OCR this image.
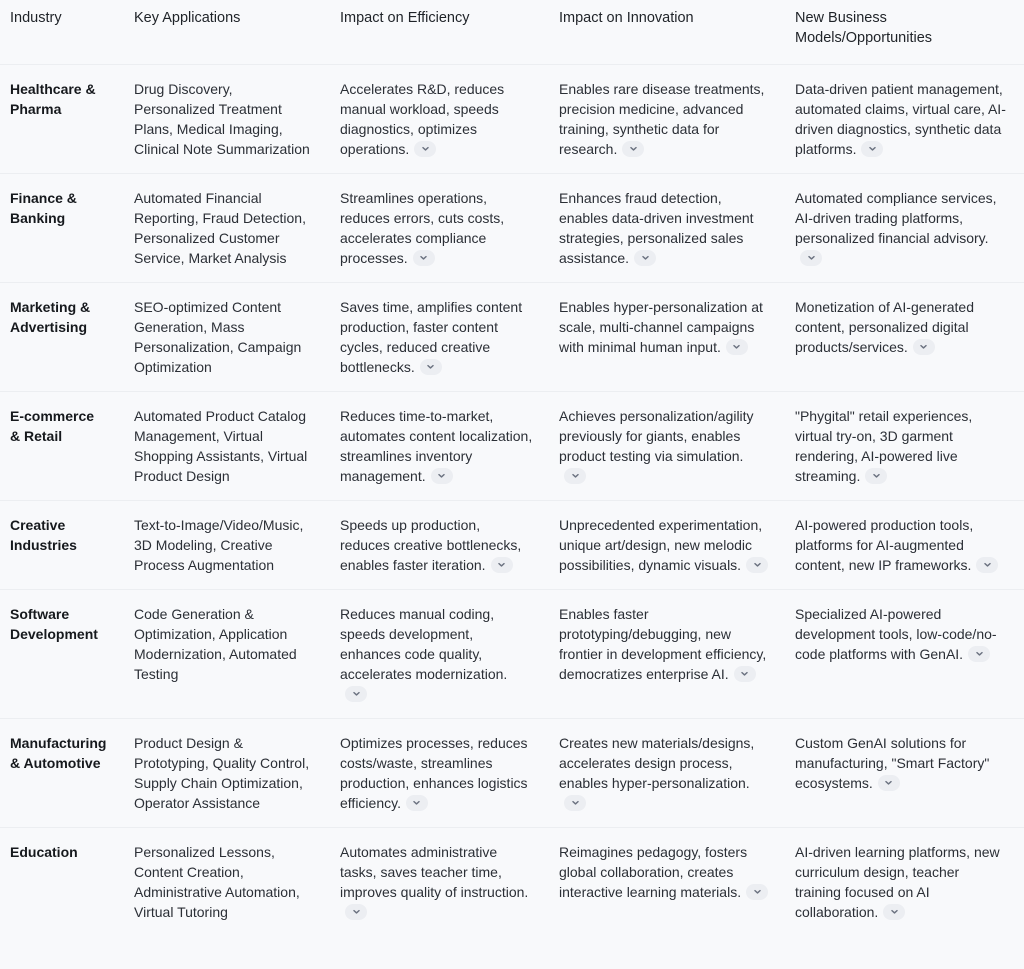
Industry	Key Applications	Impact on Efficiency	Impact on Innovation	New Business Models/Opportunities
Healthcare & Pharma	Drug Discovery, Personalized Treatment Plans, Medical Imaging, Clinical Note Summarization	Accelerates R&D, reduces manual workload, speeds diagnostics, optimizes operations.	Enables rare disease treatments, precision medicine, advanced training, synthetic data for research.	Data-driven patient management, automated claims, virtual care, AI-driven diagnostics, synthetic data platforms.

Finance & Banking	Automated Financial Reporting, Fraud Detection, Personalized Customer Service, Market Analysis	Streamlines operations, reduces errors, cuts costs, accelerates compliance processes.	Enhances fraud detection, enables data-driven investment strategies, personalized sales assistance.	Automated compliance services, AI-driven trading platforms, personalized financial advisory.

Marketing & Advertising	SEO-optimized Content Generation, Mass Personalization, Campaign Optimization	Saves time, amplifies content production, faster content cycles, reduced creative bottlenecks.	Enables hyper-personalization at scale, multi-channel campaigns with minimal human input.	Monetization of AI-generated content, personalized digital products/services.

E-commerce & Retail	Automated Product Catalog Management, Virtual Shopping Assistants, Virtual Product Design	Reduces time-to-market, automates content localization, streamlines inventory management.	Achieves personalization/agility previously for giants, enables product testing via simulation.	"Phygital" retail experiences, virtual try-on, 3D garment rendering, AI-powered live streaming.

Creative Industries	Text-to-Image/Video/Music, 3D Modeling, Creative Process Augmentation	Speeds up production, reduces creative bottlenecks, enables faster iteration.	Unprecedented experimentation, unique art/design, new melodic possibilities, dynamic visuals.	AI-powered production tools, platforms for AI-augmented content, new IP frameworks.

Software Development	Code Generation & Optimization, Application Modernization, Automated Testing	Reduces manual coding, speeds development, enhances code quality, accelerates modernization.	Enables faster prototyping/debugging, new frontier in development efficiency, democratizes enterprise AI.	Specialized AI-powered development tools, low-code/no-code platforms with GenAI.

Manufacturing & Automotive	Product Design & Prototyping, Quality Control, Supply Chain Optimization, Operator Assistance	Optimizes processes, reduces costs/waste, streamlines production, enhances logistics efficiency.	Creates new materials/designs, accelerates design process, enables hyper-personalization.	Custom GenAI solutions for manufacturing, "Smart Factory" ecosystems.

Education	Personalized Lessons, Content Creation, Administrative Automation, Virtual Tutoring	Automates administrative tasks, saves teacher time, improves quality of instruction.	Reimagines pedagogy, fosters global collaboration, creates interactive learning materials.	AI-driven learning platforms, new curriculum design, teacher training focused on AI collaboration.
